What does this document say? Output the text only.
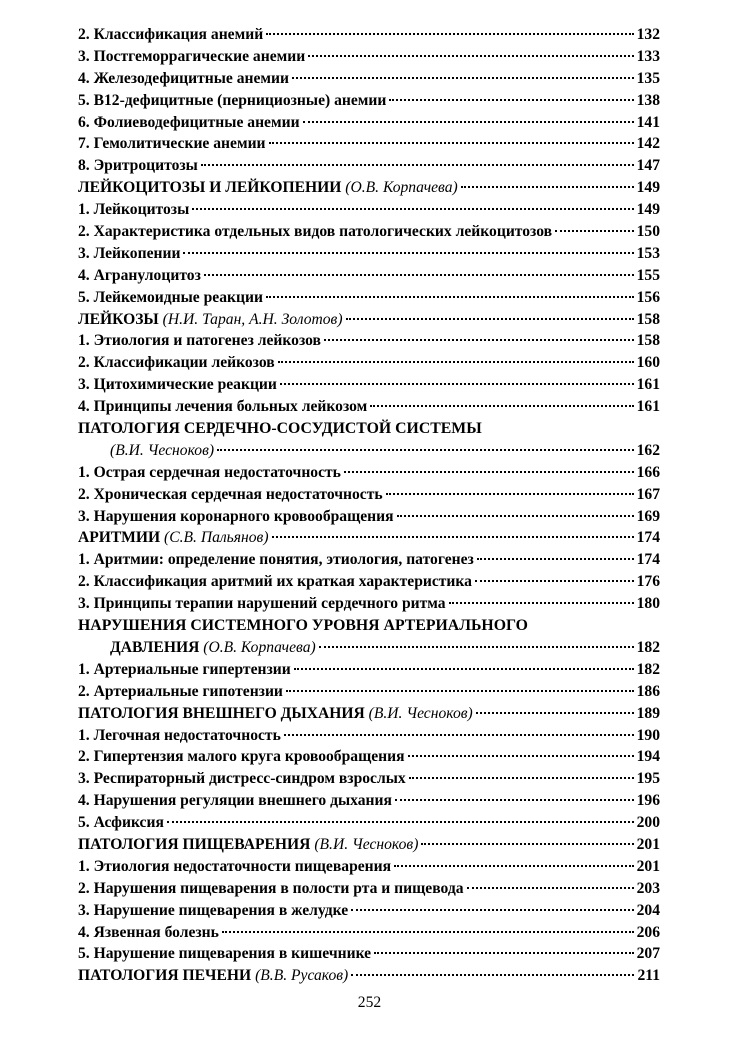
2. Классификация анемий	132
3. Постгеморрагические анемии	133
4. Железодефицитные анемии	135
5. В12-дефицитные (пернициозные) анемии	138
6. Фолиеводефицитные анемии	141
7. Гемолитические анемии	142
8. Эритроцитозы	147
ЛЕЙКОЦИТОЗЫ И ЛЕЙКОПЕНИИ (О.В. Корпачева)	149
1. Лейкоцитозы	149
2. Характеристика отдельных видов патологических лейкоцитозов	150
3. Лейкопении	153
4. Агранулоцитоз	155
5. Лейкемоидные реакции	156
ЛЕЙКОЗЫ (Н.И. Таран, А.Н. Золотов)	158
1. Этиология и патогенез лейкозов	158
2. Классификации лейкозов	160
3. Цитохимические реакции	161
4. Принципы лечения больных лейкозом	161
ПАТОЛОГИЯ СЕРДЕЧНО-СОСУДИСТОЙ СИСТЕМЫ
(В.И. Чесноков)	162
1. Острая сердечная недостаточность	166
2. Хроническая сердечная недостаточность	167
3. Нарушения коронарного кровообращения	169
АРИТМИИ (С.В. Пальянов)	174
1. Аритмии: определение понятия, этиология, патогенез	174
2. Классификация аритмий их краткая характеристика	176
3. Принципы терапии нарушений сердечного ритма	180
НАРУШЕНИЯ СИСТЕМНОГО УРОВНЯ АРТЕРИАЛЬНОГО
ДАВЛЕНИЯ (О.В. Корпачева)	182
1. Артериальные гипертензии	182
2. Артериальные гипотензии	186
ПАТОЛОГИЯ ВНЕШНЕГО ДЫХАНИЯ (В.И. Чесноков)	189
1. Легочная недостаточность	190
2. Гипертензия малого круга кровообращения	194
3. Респираторный дистресс-синдром взрослых	195
4. Нарушения регуляции внешнего дыхания	196
5. Асфиксия	200
ПАТОЛОГИЯ ПИЩЕВАРЕНИЯ (В.И. Чесноков)	201
1. Этиология недостаточности пищеварения	201
2. Нарушения пищеварения в полости рта и пищевода	203
3. Нарушение пищеварения в желудке	204
4. Язвенная болезнь	206
5. Нарушение пищеварения в кишечнике	207
ПАТОЛОГИЯ ПЕЧЕНИ (В.В. Русаков)	211
252
